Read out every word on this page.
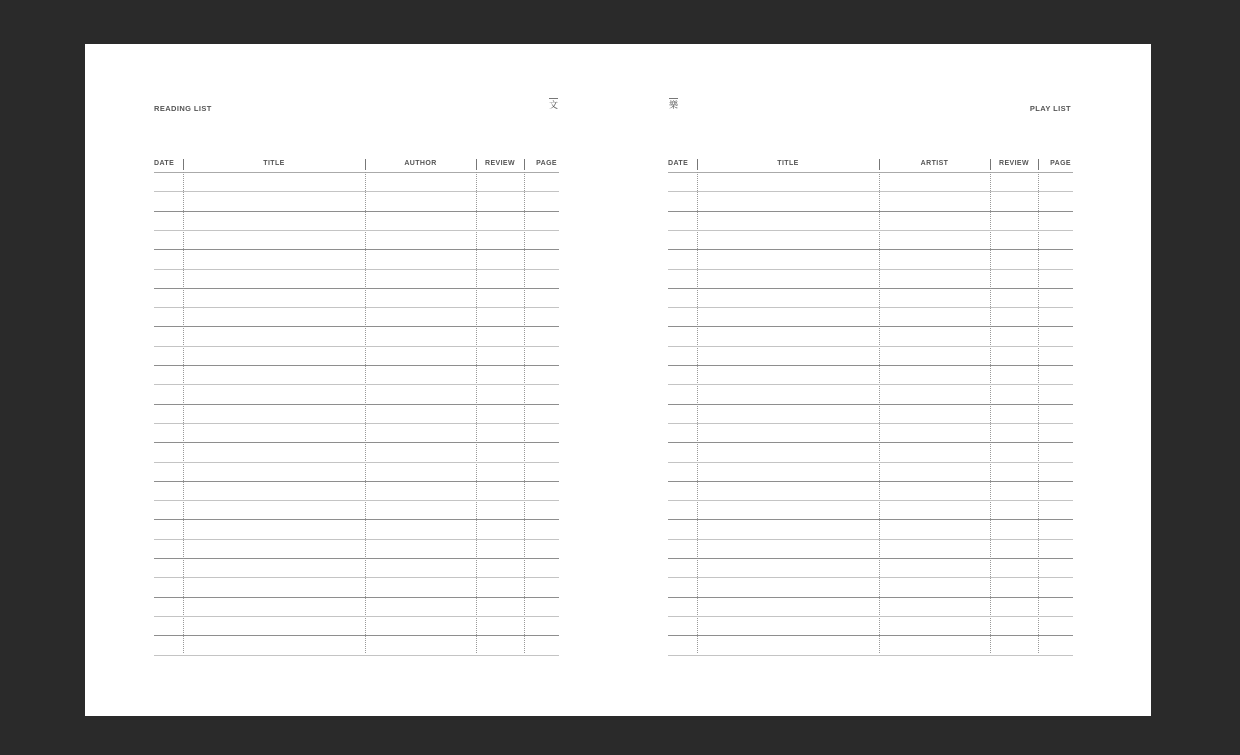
READING LIST	文
DATE	TITLE	AUTHOR	REVIEW	PAGE
樂	PLAY LIST
DATE	TITLE	ARTIST	REVIEW	PAGE
